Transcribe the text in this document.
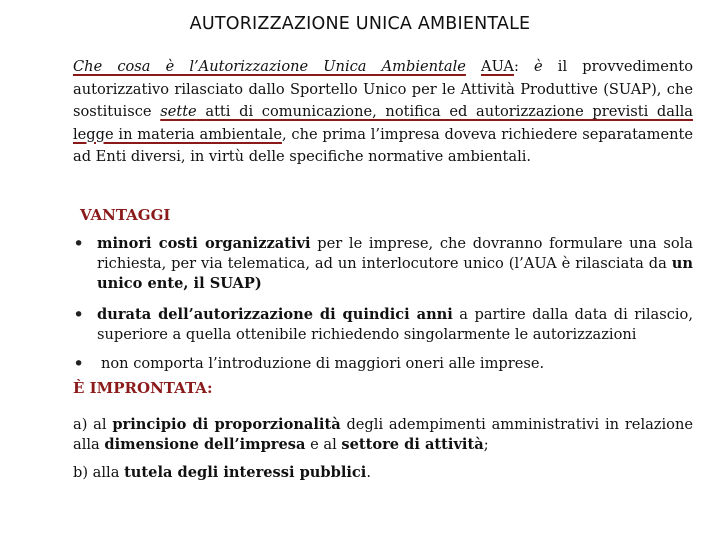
AUTORIZZAZIONE UNICA AMBIENTALE

Che cosa è l’Autorizzazione Unica Ambientale AUA: è il provvedimento autorizzativo rilasciato dallo Sportello Unico per le Attività Produttive (SUAP), che sostituisce sette atti di comunicazione, notifica ed autorizzazione previsti dalla legge in materia ambientale, che prima l’impresa doveva richiedere separatamente ad Enti diversi, in virtù delle specifiche normative ambientali.

VANTAGGI

• minori costi organizzativi per le imprese, che dovranno formulare una sola richiesta, per via telematica, ad un interlocutore unico (l’AUA è rilasciata da un unico ente, il SUAP)

• durata dell’autorizzazione di quindici anni a partire dalla data di rilascio, superiore a quella ottenibile richiedendo singolarmente le autorizzazioni

• non comporta l’introduzione di maggiori oneri alle imprese.

È IMPRONTATA:

a) al principio di proporzionalità degli adempimenti amministrativi in relazione alla dimensione dell’impresa e al settore di attività;

b) alla tutela degli interessi pubblici.
